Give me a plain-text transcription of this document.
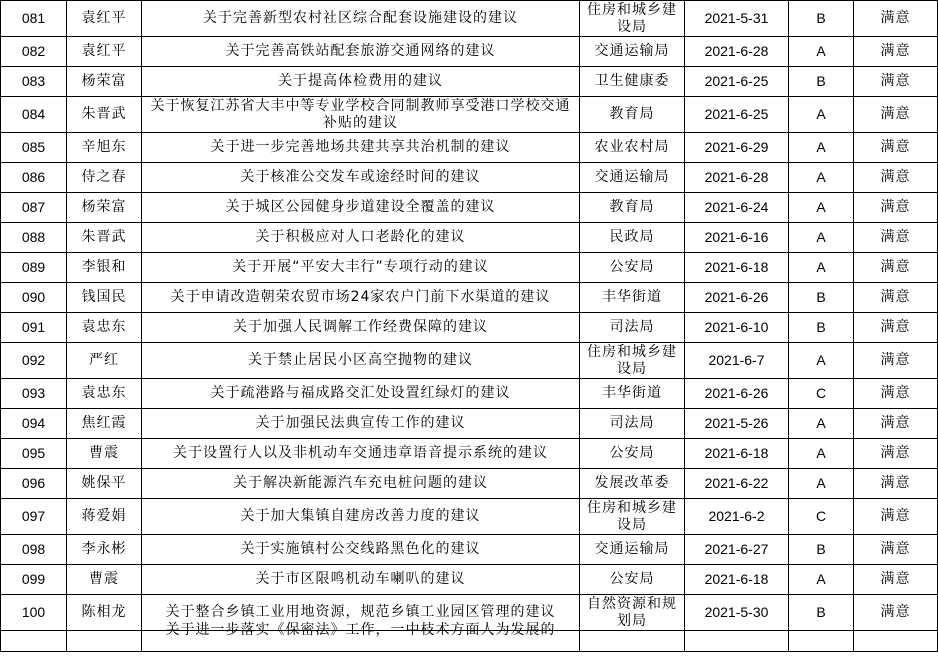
081	袁红平	关于完善新型农村社区综合配套设施建设的建议	住房和城乡建设局	2021-5-31	B	满意
082	袁红平	关于完善高铁站配套旅游交通网络的建议	交通运输局	2021-6-28	A	满意
083	杨荣富	关于提高体检费用的建议	卫生健康委	2021-6-25	B	满意
084	朱晋武	关于恢复江苏省大丰中等专业学校合同制教师享受港口学校交通补贴的建议	教育局	2021-6-25	A	满意
085	辛旭东	关于进一步完善地场共建共享共治机制的建议	农业农村局	2021-6-29	A	满意
086	侍之春	关于核准公交发车或途经时间的建议	交通运输局	2021-6-28	A	满意
087	杨荣富	关于城区公园健身步道建设全覆盖的建议	教育局	2021-6-24	A	满意
088	朱晋武	关于积极应对人口老龄化的建议	民政局	2021-6-16	A	满意
089	李银和	关于开展“平安大丰行”专项行动的建议	公安局	2021-6-18	A	满意
090	钱国民	关于申请改造朝荣农贸市场24家农户门前下水渠道的建议	丰华街道	2021-6-26	B	满意
091	袁忠东	关于加强人民调解工作经费保障的建议	司法局	2021-6-10	B	满意
092	严红	关于禁止居民小区高空抛物的建议	住房和城乡建设局	2021-6-7	A	满意
093	袁忠东	关于疏港路与福成路交汇处设置红绿灯的建议	丰华街道	2021-6-26	C	满意
094	焦红霞	关于加强民法典宣传工作的建议	司法局	2021-5-26	A	满意
095	曹震	关于设置行人以及非机动车交通违章语音提示系统的建议	公安局	2021-6-18	A	满意
096	姚保平	关于解决新能源汽车充电桩问题的建议	发展改革委	2021-6-22	A	满意
097	蒋爱娟	关于加大集镇自建房改善力度的建议	住房和城乡建设局	2021-6-2	C	满意
098	李永彬	关于实施镇村公交线路黑色化的建议	交通运输局	2021-6-27	B	满意
099	曹震	关于市区限鸣机动车喇叭的建议	公安局	2021-6-18	A	满意
100	陈相龙	关于整合乡镇工业用地资源，规范乡镇工业园区管理的建议	自然资源和规划局	2021-5-30	B	满意

		关于进一步落实《保密法》工作，一中枝术方面人为发展的				
